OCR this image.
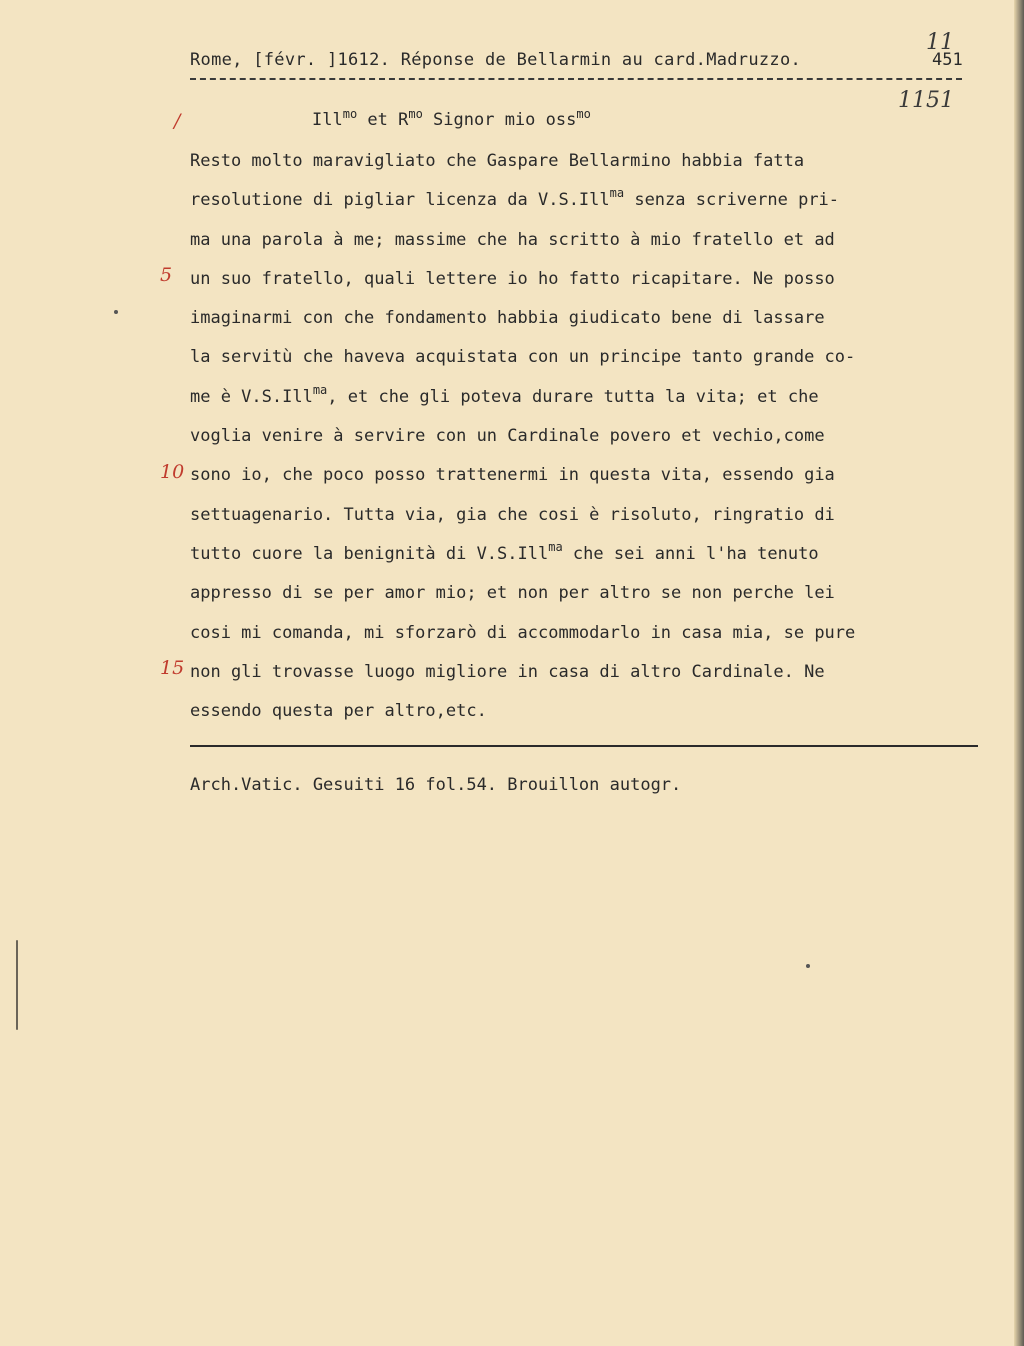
11
Rome, [févr. ]1612. Réponse de Bellarmin au card.Madruzzo.	451
1151
/	Ill$^{mo}$ et $R^{mo}$ Signor mio oss$^{mo}$
5
10
15
Resto molto maravigliato che Gaspare Bellarmino habbia fatta
resolutione di pigliar licenza da V.S.Ill$^{ma}$ senza scriverne pri-
ma una parola à me; massime che ha scritto à mio fratello et ad
un suo fratello, quali lettere io ho fatto ricapitare. Ne posso
imaginarmi con che fondamento habbia giudicato bene di lassare
la servitù che haveva acquistata con un principe tanto grande co-
me è V.S.Ill$^{ma}$, et che gli poteva durare tutta la vita; et che
voglia venire à servire con un Cardinale povero et vechio,come
sono io, che poco posso trattenermi in questa vita, essendo gia
settuagenario. Tutta via, gia che cosi è risoluto, ringratio di
tutto cuore la benignità di V.S.Ill$^{ma}$ che sei anni l'ha tenuto
appresso di se per amor mio; et non per altro se non perche lei
cosi mi comanda, mi sforzarò di accommodarlo in casa mia, se pure
non gli trovasse luogo migliore in casa di altro Cardinale. Ne
essendo questa per altro,etc.
Arch.Vatic. Gesuiti 16 fol.54. Brouillon autogr.
